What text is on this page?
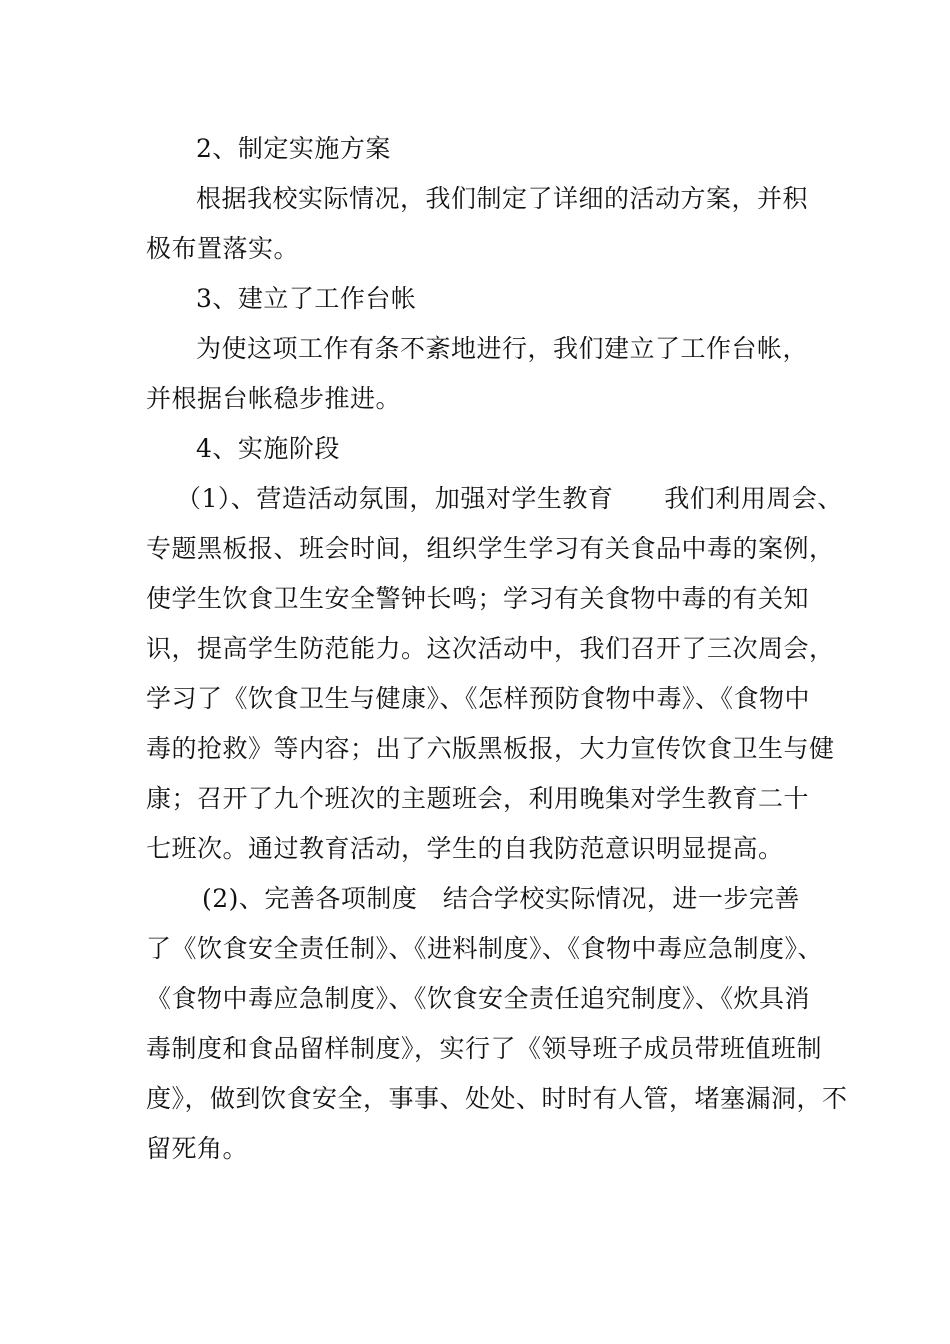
2、制定实施方案
根据我校实际情况，我们制定了详细的活动方案，并积
极布置落实。
3、建立了工作台帐
为使这项工作有条不紊地进行，我们建立了工作台帐，
并根据台帐稳步推进。
4、实施阶段
（1）、营造活动氛围，加强对学生教育　　我们利用周会、
专题黑板报、班会时间，组织学生学习有关食品中毒的案例，
使学生饮食卫生安全警钟长鸣；学习有关食物中毒的有关知
识，提高学生防范能力。这次活动中，我们召开了三次周会，
学习了《饮食卫生与健康》、《怎样预防食物中毒》、《食物中
毒的抢救》等内容；出了六版黑板报，大力宣传饮食卫生与健
康；召开了九个班次的主题班会，利用晚集对学生教育二十
七班次。通过教育活动，学生的自我防范意识明显提高。
(2)、完善各项制度　结合学校实际情况，进一步完善
了《饮食安全责任制》、《进料制度》、《食物中毒应急制度》、
《食物中毒应急制度》、《饮食安全责任追究制度》、《炊具消
毒制度和食品留样制度》，实行了《领导班子成员带班值班制
度》，做到饮食安全，事事、处处、时时有人管，堵塞漏洞，不
留死角。
